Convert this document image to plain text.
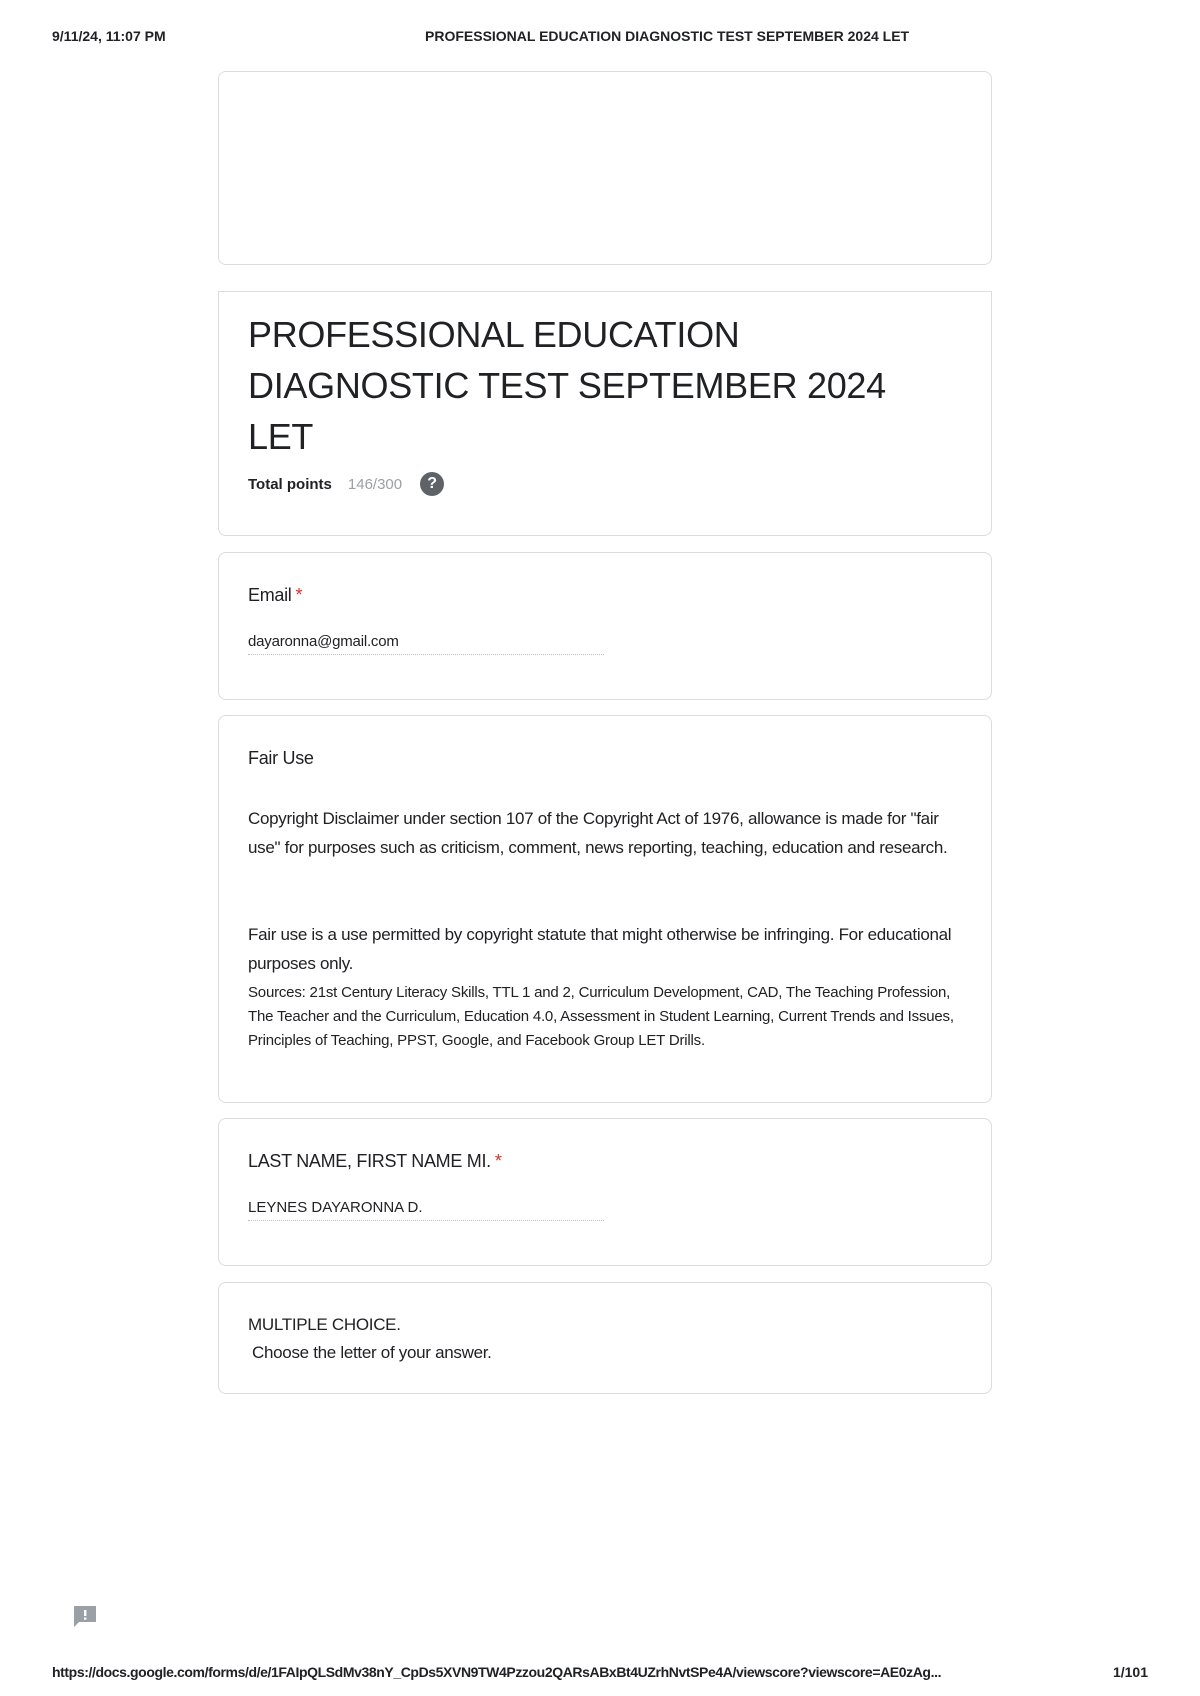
9/11/24, 11:07 PM	PROFESSIONAL EDUCATION DIAGNOSTIC TEST SEPTEMBER 2024 LET
PROFESSIONAL EDUCATION DIAGNOSTIC TEST SEPTEMBER 2024 LET
Total points 146/300	?
Email *
dayaronna@gmail.com
Fair Use

Copyright Disclaimer under section 107 of the Copyright Act of 1976, allowance is made for "fair use" for purposes such as criticism, comment, news reporting, teaching, education and research.

Fair use is a use permitted by copyright statute that might otherwise be infringing. For educational purposes only.

Sources: 21st Century Literacy Skills, TTL 1 and 2, Curriculum Development, CAD, The Teaching Profession, The Teacher and the Curriculum, Education 4.0, Assessment in Student Learning, Current Trends and Issues, Principles of Teaching, PPST, Google, and Facebook Group LET Drills.

LAST NAME, FIRST NAME MI. *
LEYNES DAYARONNA D.
MULTIPLE CHOICE.
Choose the letter of your answer.
https://docs.google.com/forms/d/e/1FAIpQLSdMv38nY_CpDs5XVN9TW4Pzzou2QARsABxBt4UZrhNvtSPe4A/viewscore?viewscore=AE0zAg...	1/101
